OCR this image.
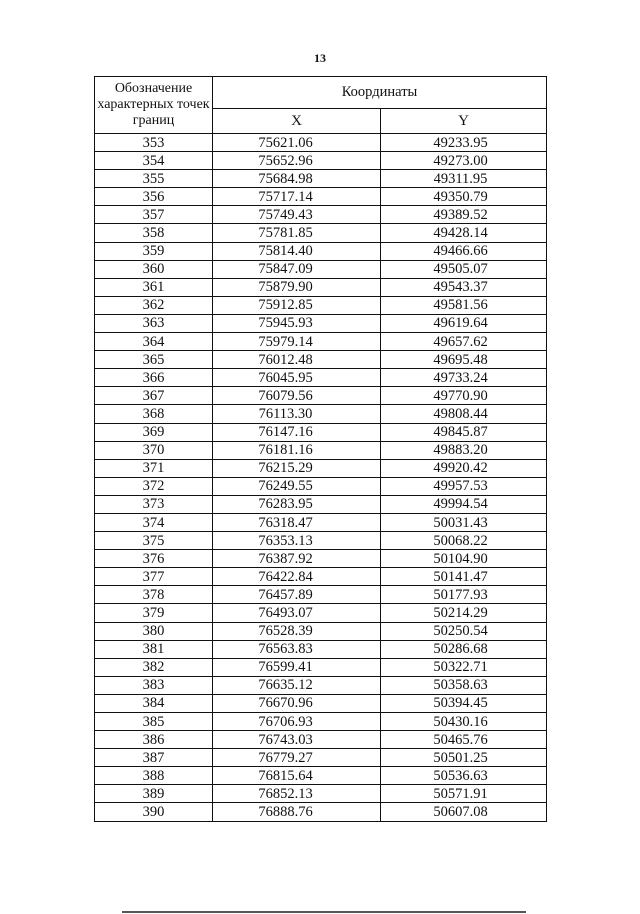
13
Обозначение характерных точек границ	Координаты	
	X	Y
353	75621.06	49233.95
354	75652.96	49273.00
355	75684.98	49311.95
356	75717.14	49350.79
357	75749.43	49389.52
358	75781.85	49428.14
359	75814.40	49466.66
360	75847.09	49505.07
361	75879.90	49543.37
362	75912.85	49581.56
363	75945.93	49619.64
364	75979.14	49657.62
365	76012.48	49695.48
366	76045.95	49733.24
367	76079.56	49770.90
368	76113.30	49808.44
369	76147.16	49845.87
370	76181.16	49883.20
371	76215.29	49920.42
372	76249.55	49957.53
373	76283.95	49994.54
374	76318.47	50031.43
375	76353.13	50068.22
376	76387.92	50104.90
377	76422.84	50141.47
378	76457.89	50177.93
379	76493.07	50214.29
380	76528.39	50250.54
381	76563.83	50286.68
382	76599.41	50322.71
383	76635.12	50358.63
384	76670.96	50394.45
385	76706.93	50430.16
386	76743.03	50465.76
387	76779.27	50501.25
388	76815.64	50536.63
389	76852.13	50571.91
390	76888.76	50607.08
